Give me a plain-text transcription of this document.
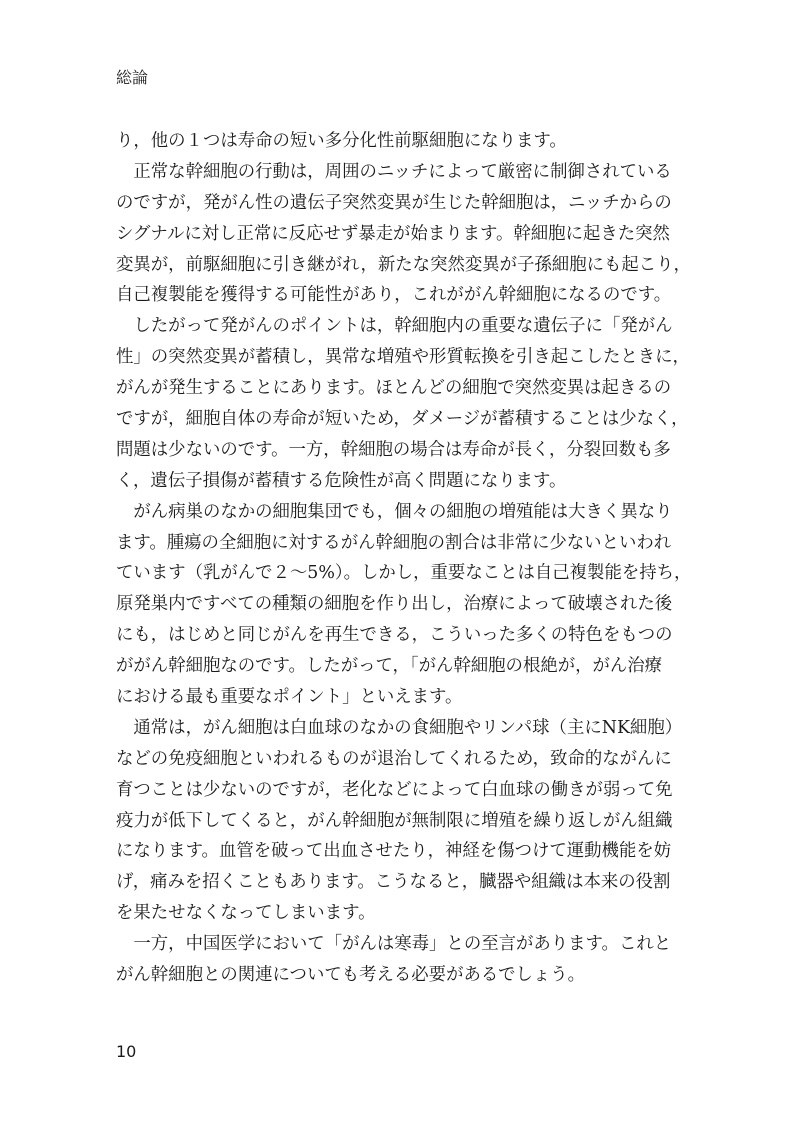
総論
り，他の１つは寿命の短い多分化性前駆細胞になります。
　正常な幹細胞の行動は，周囲のニッチによって厳密に制御されている
のですが，発がん性の遺伝子突然変異が生じた幹細胞は，ニッチからの
シグナルに対し正常に反応せず暴走が始まります。幹細胞に起きた突然
変異が，前駆細胞に引き継がれ，新たな突然変異が子孫細胞にも起こり，
自己複製能を獲得する可能性があり，これががん幹細胞になるのです。
　したがって発がんのポイントは，幹細胞内の重要な遺伝子に「発がん
性」の突然変異が蓄積し，異常な増殖や形質転換を引き起こしたときに，
がんが発生することにあります。ほとんどの細胞で突然変異は起きるの
ですが，細胞自体の寿命が短いため，ダメージが蓄積することは少なく，
問題は少ないのです。一方，幹細胞の場合は寿命が長く，分裂回数も多
く，遺伝子損傷が蓄積する危険性が高く問題になります。
　がん病巣のなかの細胞集団でも，個々の細胞の増殖能は大きく異なり
ます。腫瘍の全細胞に対するがん幹細胞の割合は非常に少ないといわれ
ています（乳がんで２～5%）。しかし，重要なことは自己複製能を持ち，
原発巣内ですべての種類の細胞を作り出し，治療によって破壊された後
にも，はじめと同じがんを再生できる，こういった多くの特色をもつの
ががん幹細胞なのです。したがって，「がん幹細胞の根絶が，がん治療
における最も重要なポイント」といえます。
　通常は，がん細胞は白血球のなかの食細胞やリンパ球（主にNK細胞）
などの免疫細胞といわれるものが退治してくれるため，致命的ながんに
育つことは少ないのですが，老化などによって白血球の働きが弱って免
疫力が低下してくると，がん幹細胞が無制限に増殖を繰り返しがん組織
になります。血管を破って出血させたり，神経を傷つけて運動機能を妨
げ，痛みを招くこともあります。こうなると，臓器や組織は本来の役割
を果たせなくなってしまいます。
　一方，中国医学において「がんは寒毒」との至言があります。これと
がん幹細胞との関連についても考える必要があるでしょう。
10
